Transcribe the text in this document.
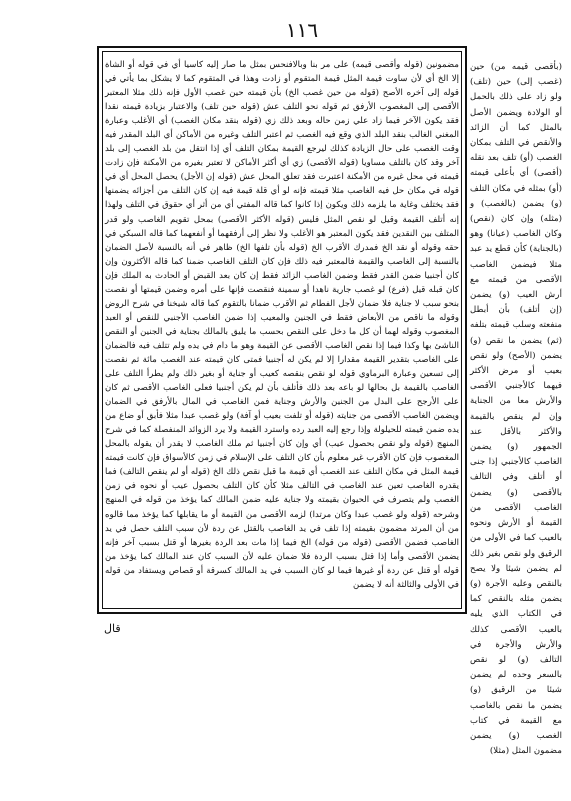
١١٦

مضمونين (قوله وأقصى قيمه) على مر بنا وبالافنحس بمثل ما صار إليه كاسيا أي في قوله أو الشاة إلا الخ أي لأن ساوت قيمة المثل قيمة المتقوم أو زادت وهذا في المتقوم كما لا يشكل بما يأتي في قوله إلى آخره الأصح (قوله من حين غصب الخ) بأن قيمته حين غصب الأول فإنه ذلك مثلا المعتبر الأقصى إلى المغصوب الأرفق ثم قوله نحو التلف عش (قوله حين تلف) والاعتبار بزيادة قيمته نقدا فقد يكون الآخر فيما زاد علي زمن حاله وبعد ذلك زي (قوله بنقد مكان الغصب) أي الأغلب وعبارة المغني الغالب بنقد البلد الذي وقع فيه الغصب ثم اعتبر التلف وغيره من الأماكن أي البلد المقدر فيه وقت الغصب على حال الزيادة كذلك ليرجع القيمة بمكان التلف أي إذا انتقل من بلد الغصب إلى بلد آخر وقد كان بالتلف مساويا (قوله الأقصى) زي أي أكثر الأماكن لا تعتبر بغيره من الأمكنة فإن زادت قيمته في محل غيره من الأمكنة اعتبرت فقد تعلق المحل عش (قوله إن الأجل) يحصل المحل أي في قوله في مكان حل فيه الغاصب مثلا قيمته فإنه لو أي قلة قيمة فيه إن كان التلف من أجزائه يضمنها فقد يختلف وغاية ما يلزمه ذلك ويكون إذا كانوا كما قاله المفتي أي من أثر أي حقوق في التلف ولهذا إنه أتلف القيمة وقيل لو نقص المثل فليس (قوله الأكثر الأقصى) بمحل تقويم الغاصب ولو قدر المتلف بين النقدين فقد يكون المعتبر هو الأغلب ولا نظر إلى أرفقهما أو أنفعهما كما قاله السبكي في حقه وقوله أو نقد الخ فمدرك الأقرب الخ (قوله بأن تلفها الخ) ظاهر في أنه بالنسبة لأصل الضمان بالنسبة إلى الغاصب والقيمة فالمعتبر فيه ذلك فإن كان التلف الغاصب ضمنا كما قاله الأكثرون وإن كان أجنبيا ضمن القدر فقط وضمن الغاصب الزائد فقط إن كان بعد القبض أو الحادث به الملك فإن كان قبله قيل (فرع) لو غصب جارية ناهدا أو سمينة فنقصت فإنها على أمره وضمن قيمتها أو نقصت بنحو سبب لا جناية فلا ضمان لأجل الفطام ثم الأقرب ضمانا بالتقوم كما قاله شيخنا في شرح الروض وقوله ما ناقص من الأبعاض فقط في الجنين والمعيب إذا ضمن الغاصب الأجنبي للنقص أو العبد المغصوب وقوله لهما أن كل ما دخل على النقص بحسب ما يليق بالمالك بجناية في الجنين أو النقص الناشئ بها وكذا فيما إذا نقص الغاصب الأقصى عن القيمة وهو ما دام في يده ولم تتلف فيه فالضمان على الغاصب بتقدير القيمة مقدارا إلا لم يكن له أجنبيا فمتى كان قيمته عند الغصب مائة ثم نقصت إلى تسعين وعبارة البرماوي قوله لو نقص بنقصه كعيب أو جناية أو بغير ذلك ولم يطرأ التلف على الغاصب بالقيمة بل بحالها لو باعه بعد ذلك فأتلف بأن لم يكن أجنبيا فعلى الغاصب الأقصى ثم كان على الأرجح على البدل من الجنين والأرش وجناية فمن الغاصب في المال بالأرفق في الضمان ويضمن الغاصب الأقصى من جنايته (قوله أو تلفت بعيب أو آفة) ولو غصب عبدا مثلا فأبق أو ضاع من يده ضمن قيمته للحيلولة وإذا رجع إليه العبد رده واسترد القيمة ولا يرد الزوائد المنفصلة كما في شرح المنهج (قوله ولو نقص بحصول عيب) أي وإن كان أجنبيا ثم ملك الغاصب لا يقدر أن يقوله بالمحل المغصوب فإن كان الأقرب غير معلوم بأن كان التلف على الإسلام في زمن كالأسواق فإن كانت قيمته قيمة المثل في مكان التلف عند الغصب أي قيمة ما قبل نقص ذلك الخ (قوله أو لم ينقص التالف) فما يقدره الغاصب تعين عند الغاصب في التالف مثلا كأن كان التلف بحصول عيب أو نحوه في زمن الغصب ولم يتصرف في الحيوان بقيمته ولا جناية عليه ضمن المالك كما يؤخذ من قوله في المنهج وشرحه (قوله ولو غصب عبدا وكان مرتدا) لزمه الأقصى من القيمة أو ما يقابلها كما يؤخذ مما قالوه من أن المرتد مضمون بقيمته إذا تلف في يد الغاصب بالقتل عن ردة لأن سبب التلف حصل في يد الغاصب فضمن الأقصى (قوله من قوله) الخ فيما إذا مات بعد الردة بغيرها أو قتل بسبب آخر فإنه يضمن الأقصى وأما إذا قتل بسبب الردة فلا ضمان عليه لأن السبب كان عند المالك كما يؤخذ من قوله أو قتل عن ردة أو غيرها فيما لو كان السبب في يد المالك كسرقة أو قصاص ويستفاد من قوله في الأولى والثالثة أنه لا يضمن

(بأقصى قيمه من) حين (غصب إلى) حين (تلف) ولو زاد على ذلك بالحمل أو الولادة ويضمن الأصل بالمثل كما أن الزائد والأنقص في التلف بمكان الغصب (أو) تلف بعد نقله (أقصى) أي بأعلى قيمته (أو) بمثله في مكان التلف (و) يضمن (بالغصب) و (مثله) وإن كان (نقص) وكان الغاصب (عيانا) وهو (بالجناية) كأن قطع يد عبد مثلا فيضمن الغاصب الأقصى من قيمته مع أرش العيب (و) يضمن (إن أتلف) بأن أبطل منفعته وسلب قيمته بتلفه (ثم) يضمن ما نقص (و) يضمن (الأصح) ولو نقص بعيب أو مرض الأكثر فيهما كالأجنبي الأقصى والأرش معا من الجناية وإن لم ينقص بالقيمة والأكثر بالأقل عند الجمهور (و) يضمن الغاصب كالأجنبي إذا جنى أو أتلف وفي التالف بالأقصى (و) يضمن الغاصب الأقصى من القيمة أو الأرش ونحوه بالعيب كما في الأولى من الرقيق ولو نقص بغير ذلك لم يضمن شيئا ولا يصح بالنقص وعليه الأجرة (و) يضمن مثله بالنقص كما في الكتاب الذي يليه بالعيب الأقصى كذلك والأرش والأجرة في التالف (و) لو نقص بالسعر وحده لم يضمن شيئا من الرقيق (و) يضمن ما نقص بالغاصب مع القيمة في كتاب الغصب (و) يضمن مضمون المثل (مثلا)

قال
